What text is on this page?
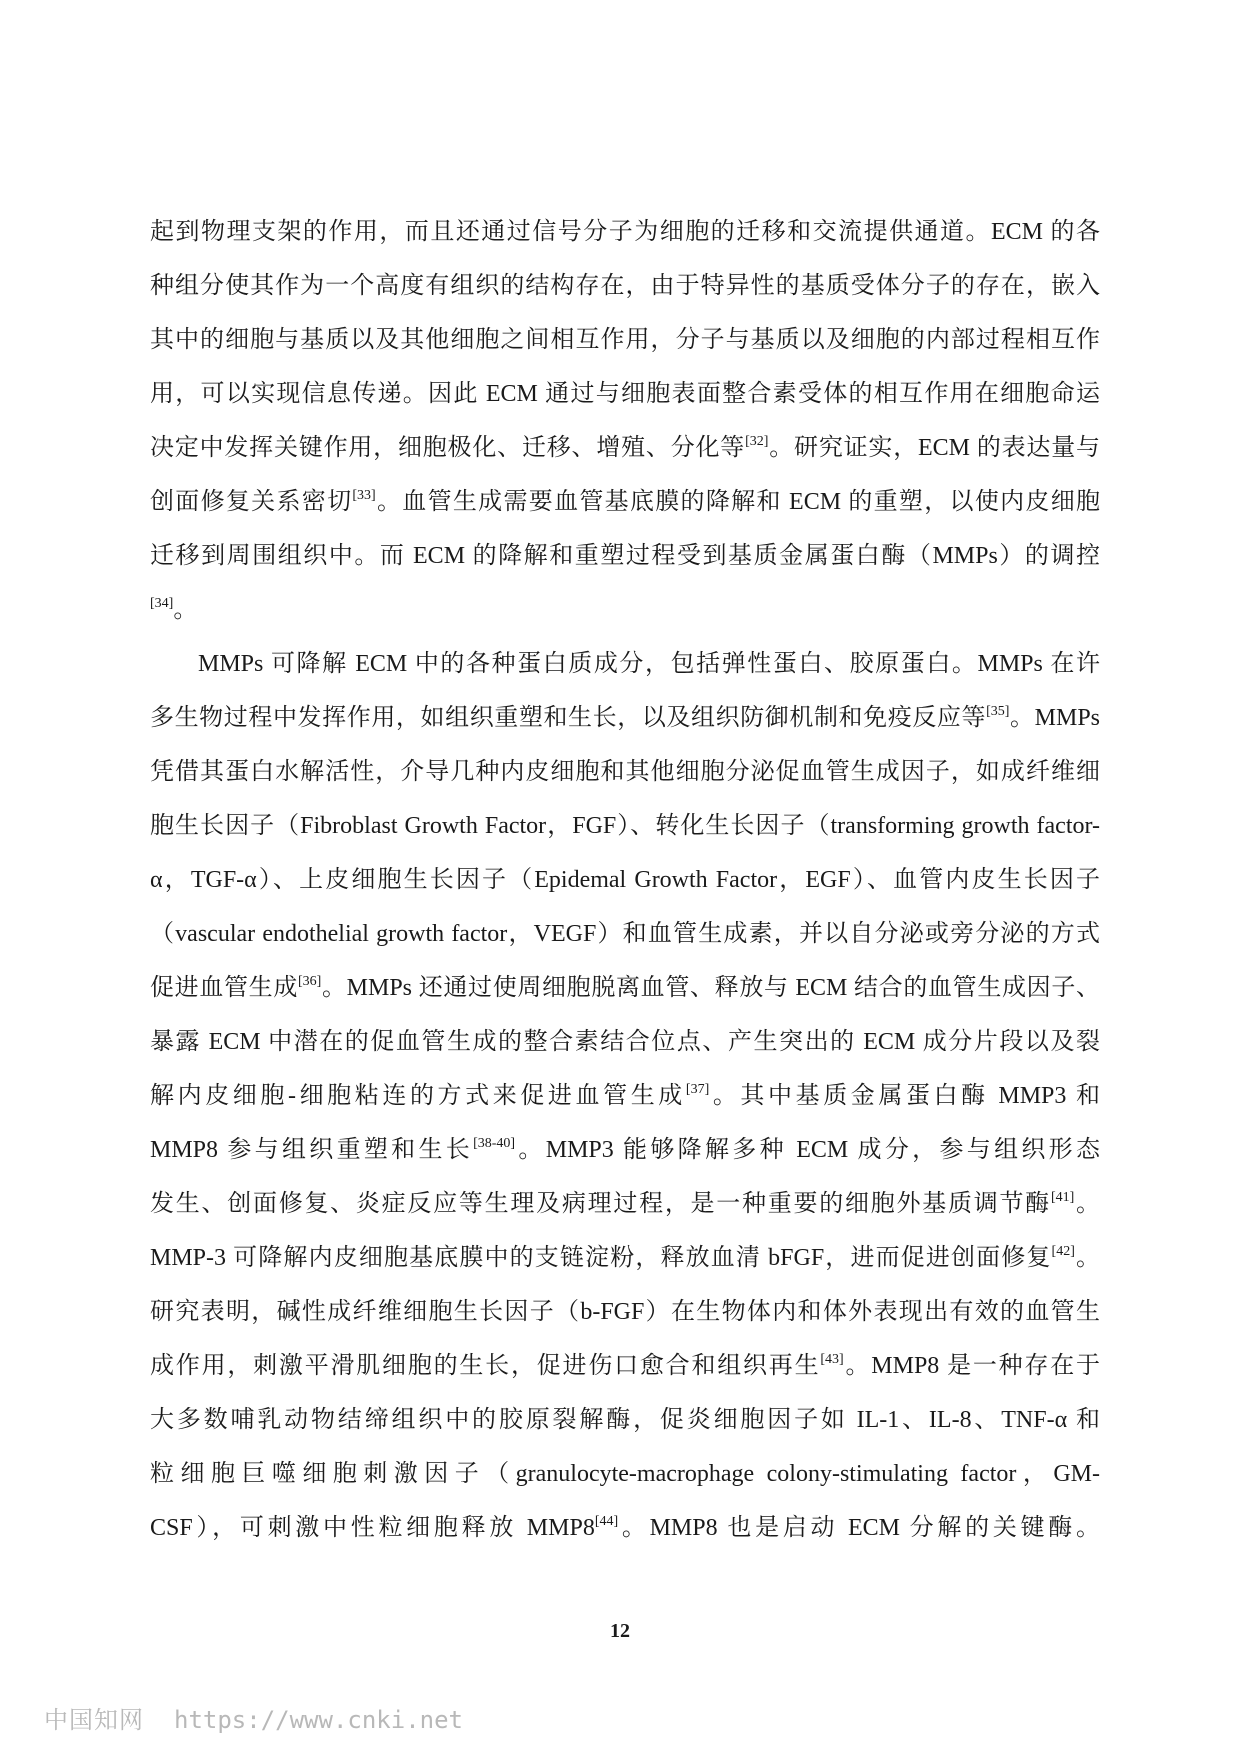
起到物理支架的作用，而且还通过信号分子为细胞的迁移和交流提供通道。ECM 的各
种组分使其作为一个高度有组织的结构存在，由于特异性的基质受体分子的存在，嵌入
其中的细胞与基质以及其他细胞之间相互作用，分子与基质以及细胞的内部过程相互作
用，可以实现信息传递。因此 ECM 通过与细胞表面整合素受体的相互作用在细胞命运
决定中发挥关键作用，细胞极化、迁移、增殖、分化等[32]。研究证实，ECM 的表达量与
创面修复关系密切[33]。血管生成需要血管基底膜的降解和 ECM 的重塑，以使内皮细胞
迁移到周围组织中。而 ECM 的降解和重塑过程受到基质金属蛋白酶（MMPs）的调控
[34]。
MMPs 可降解 ECM 中的各种蛋白质成分，包括弹性蛋白、胶原蛋白。MMPs 在许
多生物过程中发挥作用，如组织重塑和生长，以及组织防御机制和免疫反应等[35]。MMPs
凭借其蛋白水解活性，介导几种内皮细胞和其他细胞分泌促血管生成因子，如成纤维细
胞生长因子（Fibroblast Growth Factor，FGF）、转化生长因子（transforming growth factor-
α，TGF-α）、上皮细胞生长因子（Epidemal Growth Factor，EGF）、血管内皮生长因子
（vascular endothelial growth factor，VEGF）和血管生成素，并以自分泌或旁分泌的方式
促进血管生成[36]。MMPs 还通过使周细胞脱离血管、释放与 ECM 结合的血管生成因子、
暴露 ECM 中潜在的促血管生成的整合素结合位点、产生突出的 ECM 成分片段以及裂
解内皮细胞-细胞粘连的方式来促进血管生成[37]。其中基质金属蛋白酶 MMP3 和
MMP8 参与组织重塑和生长[38-40]。MMP3 能够降解多种 ECM 成分，参与组织形态
发生、创面修复、炎症反应等生理及病理过程，是一种重要的细胞外基质调节酶[41]。
MMP-3 可降解内皮细胞基底膜中的支链淀粉，释放血清 bFGF，进而促进创面修复[42]。
研究表明，碱性成纤维细胞生长因子（b-FGF）在生物体内和体外表现出有效的血管生
成作用，刺激平滑肌细胞的生长，促进伤口愈合和组织再生[43]。MMP8 是一种存在于
大多数哺乳动物结缔组织中的胶原裂解酶，促炎细胞因子如 IL-1、IL-8、TNF-α 和
粒细胞巨噬细胞刺激因子（granulocyte-macrophage colony-stimulating factor，GM-
CSF），可刺激中性粒细胞释放 MMP8[44]。MMP8 也是启动 ECM 分解的关键酶。
12
中国知网 https://www.cnki.net
